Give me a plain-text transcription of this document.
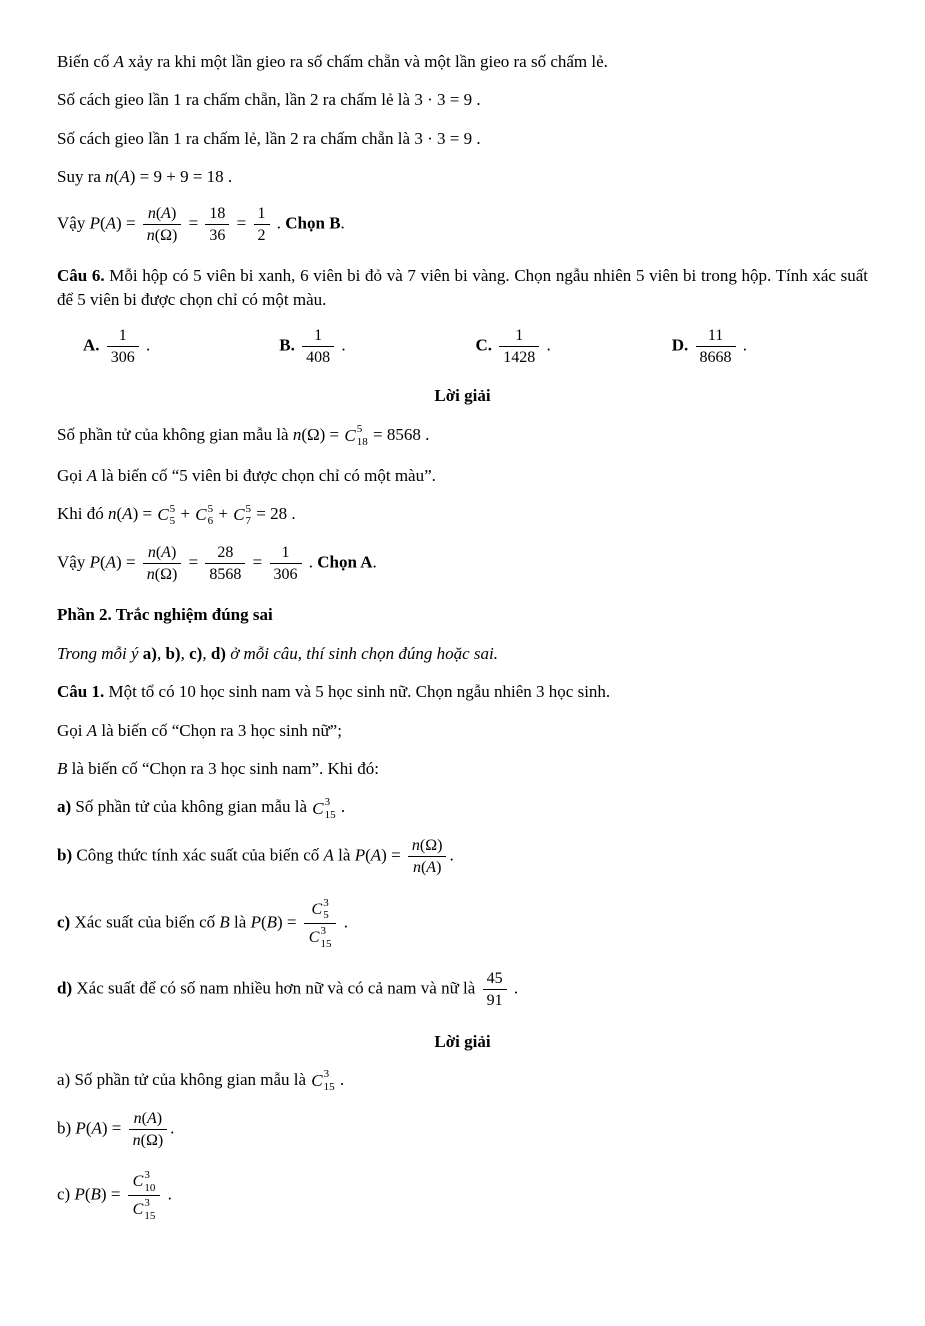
Biến cố A xảy ra khi một lần gieo ra số chấm chẵn và một lần gieo ra số chấm lẻ.
Số cách gieo lần 1 ra chấm chẵn, lần 2 ra chấm lẻ là 3 · 3 = 9 .
Số cách gieo lần 1 ra chấm lẻ, lần 2 ra chấm chẵn là 3 · 3 = 9 .
Suy ra n(A) = 9 + 9 = 18 .
Vậy $P(A) = \frac{n(A)}{n(\Omega)} = \frac{18}{36} = \frac{1}{2}$ . Chọn B.
Câu 6. Mỗi hộp có 5 viên bi xanh, 6 viên bi đỏ và 7 viên bi vàng. Chọn ngẫu nhiên 5 viên bi trong hộp. Tính xác suất để 5 viên bi được chọn chỉ có một màu.
A. $\frac{1}{306}$ .	B. $\frac{1}{408}$ .	C. $\frac{1}{1428}$ .	D. $\frac{11}{8668}$ .
Lời giải
Số phần tử của không gian mẫu là n(Ω) = C 5
18 = 8568 .
Gọi A là biến cố “5 viên bi được chọn chỉ có một màu”.
Khi đó n(A) = C 5
5 + C 5
6 + C 5
7 = 28 .
Vậy $P(A) = \frac{n(A)}{n(\Omega)} = \frac{28}{8568} = \frac{1}{306}$ . Chọn A.
Phần 2. Trắc nghiệm đúng sai
Trong mỗi ý a), b), c), d) ở mỗi câu, thí sinh chọn đúng hoặc sai.
Câu 1. Một tổ có 10 học sinh nam và 5 học sinh nữ. Chọn ngẫu nhiên 3 học sinh.
Gọi A là biến cố “Chọn ra 3 học sinh nữ”;
B là biến cố “Chọn ra 3 học sinh nam”. Khi đó:
a) Số phần tử của không gian mẫu là C 3
15 .
b) Công thức tính xác suất của biến cố A là $P(A) = \frac{n(\Omega)}{n(A)}$ .
c) Xác suất của biến cố B là P(B) = C 3
5
C 3
15 .
d) Xác suất để có số nam nhiều hơn nữ và có cả nam và nữ là $\frac{45}{91}$ .
Lời giải
a) Số phần tử của không gian mẫu là C 3
15 .
b) $P(A) = \frac{n(A)}{n(\Omega)}$ .
c) P(B) = C 3
10
C 3
15 .
